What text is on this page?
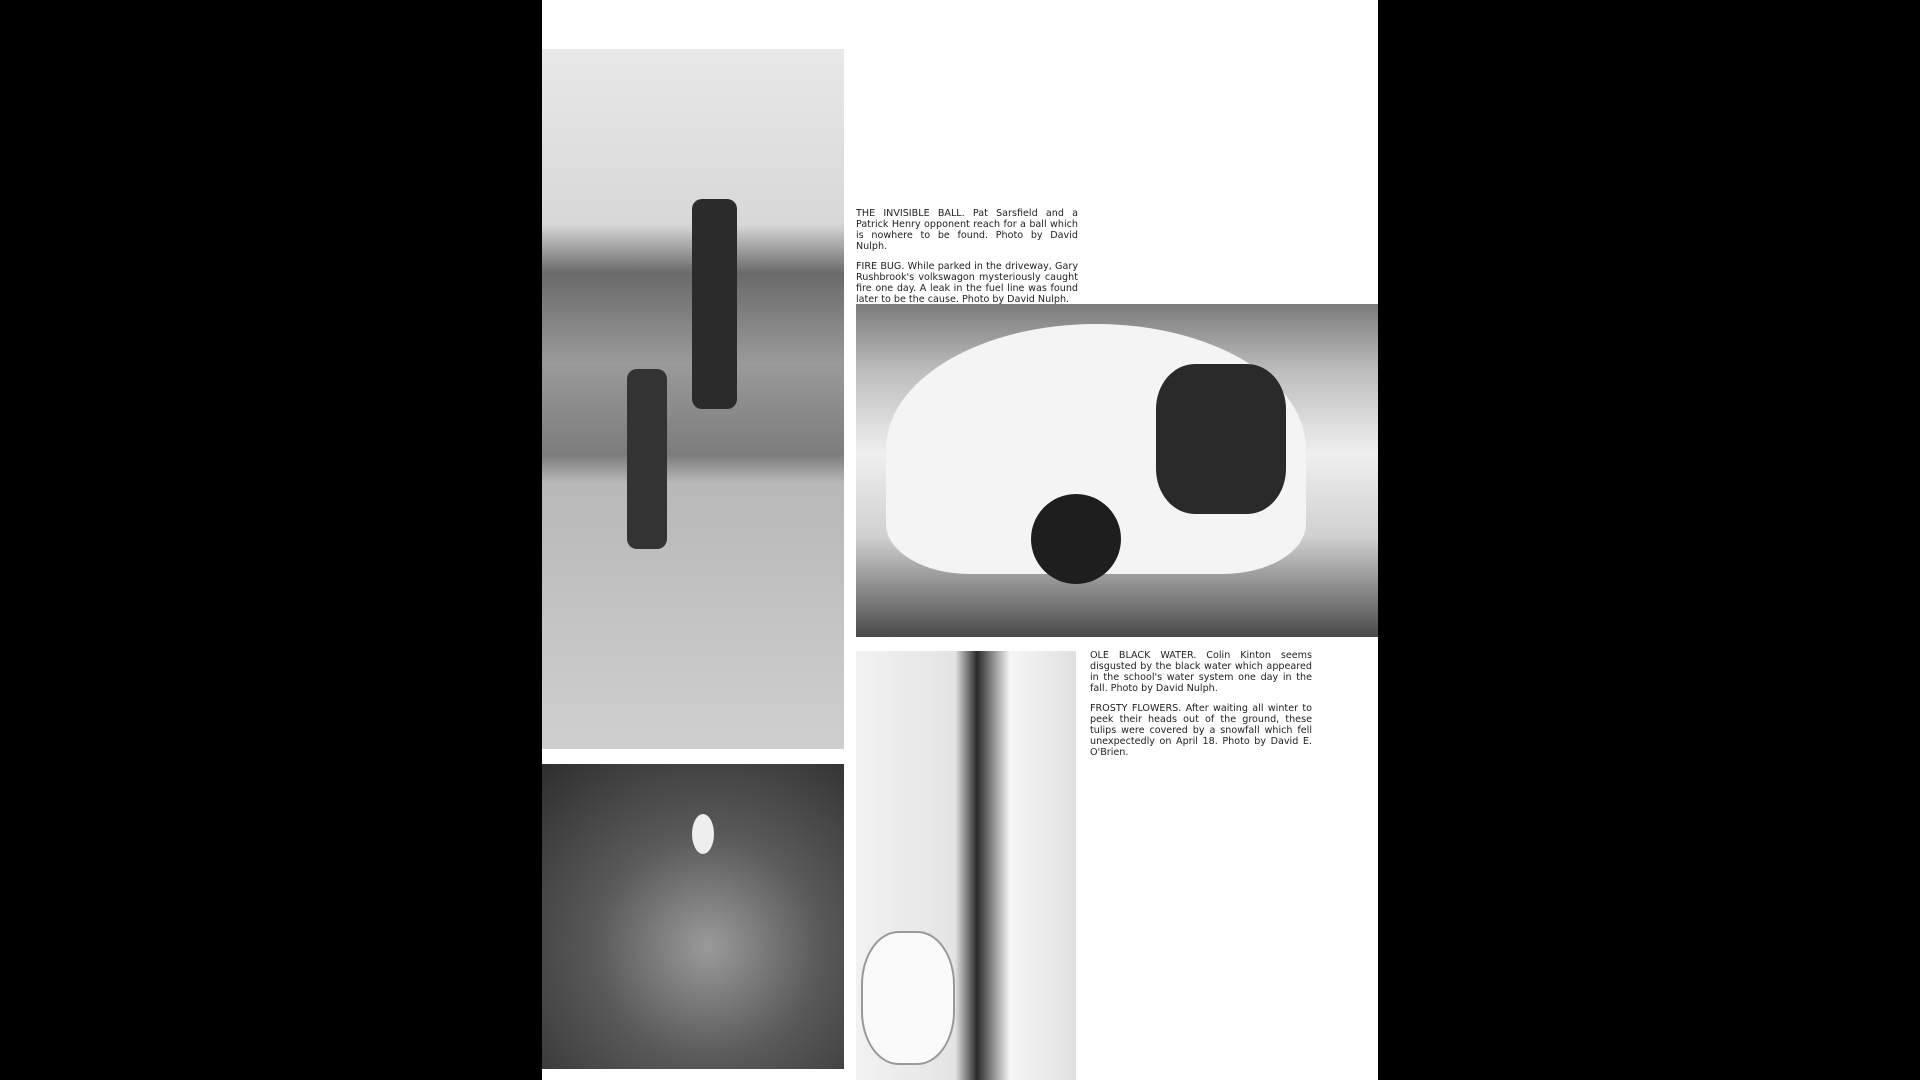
THE INVISIBLE BALL. Pat Sarsfield and a Patrick Henry opponent reach for a ball which is nowhere to be found. Photo by David Nulph.

FIRE BUG. While parked in the driveway, Gary Rushbrook's volkswagon mysteriously caught fire one day. A leak in the fuel line was found later to be the cause. Photo by David Nulph.

OLE BLACK WATER. Colin Kinton seems disgusted by the black water which appeared in the school's water system one day in the fall. Photo by David Nulph.

FROSTY FLOWERS. After waiting all winter to peek their heads out of the ground, these tulips were covered by a snowfall which fell unexpectedly on April 18. Photo by David E. O'Brien.
